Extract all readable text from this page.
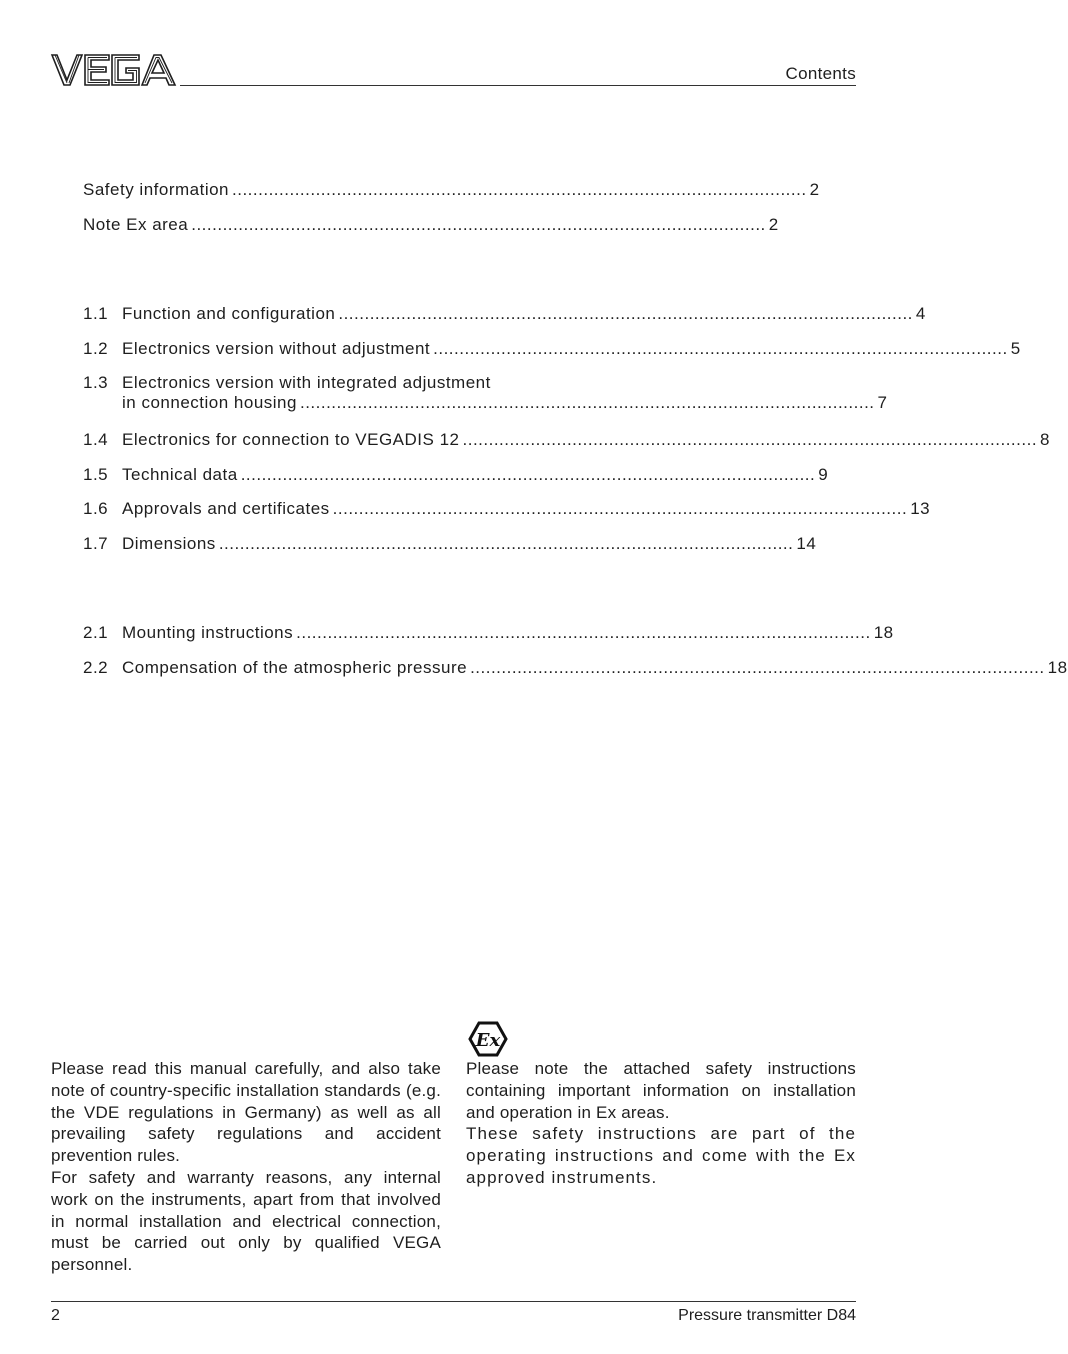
Contents
Safety information .............................................................................................................. 2
Note Ex area .............................................................................................................. 2
1.1 Function and configuration .............................................................................................................. 4
1.2 Electronics version without adjustment .............................................................................................................. 5
1.3 Electronics version with integrated adjustment
in connection housing .............................................................................................................. 7
1.4 Electronics for connection to VEGADIS 12 .............................................................................................................. 8
1.5 Technical data .............................................................................................................. 9
1.6 Approvals and certificates .............................................................................................................. 13
1.7 Dimensions .............................................................................................................. 14
2.1 Mounting instructions .............................................................................................................. 18
2.2 Compensation of the atmospheric pressure .............................................................................................................. 18

Please read this manual carefully, and also take note of country-specific installation standards (e.g. the VDE regulations in Germany) as well as all prevailing safety regulations and accident prevention rules.

For safety and warranty reasons, any internal work on the instruments, apart from that involved in normal installation and electrical connection, must be carried out only by qualified VEGA personnel.

Ex

Please note the attached safety instructions containing important information on installation and operation in Ex areas.

These safety instructions are part of the operating instructions and come with the Ex approved instruments.

2	Pressure transmitter D84
